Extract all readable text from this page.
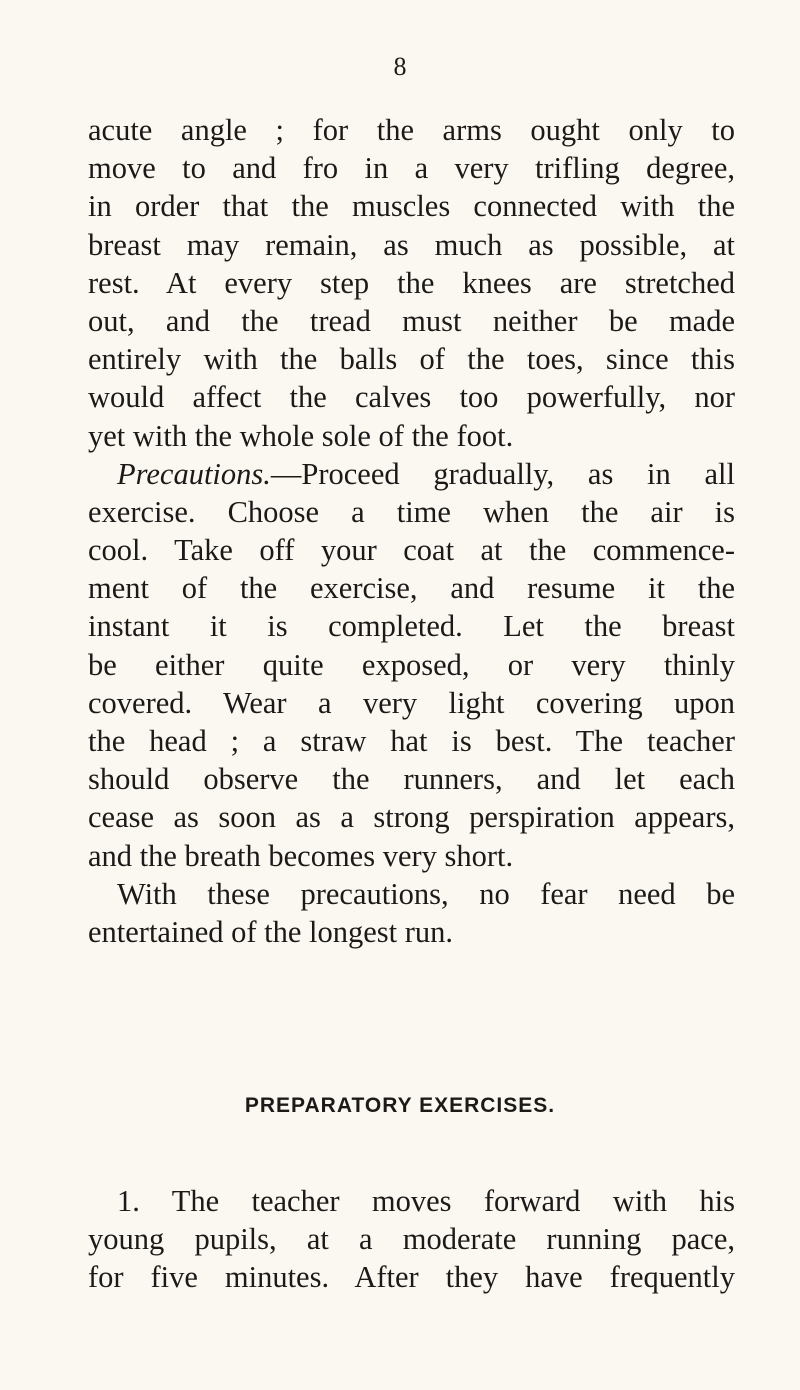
8
acute angle ; for the arms ought only to
move to and fro in a very trifling degree,
in order that the muscles connected with the
breast may remain, as much as possible, at
rest. At every step the knees are stretched
out, and the tread must neither be made
entirely with the balls of the toes, since this
would affect the calves too powerfully, nor
yet with the whole sole of the foot.
Precautions.—Proceed gradually, as in all
exercise. Choose a time when the air is
cool. Take off your coat at the commence-
ment of the exercise, and resume it the
instant it is completed. Let the breast
be either quite exposed, or very thinly
covered. Wear a very light covering upon
the head ; a straw hat is best. The teacher
should observe the runners, and let each
cease as soon as a strong perspiration appears,
and the breath becomes very short.
With these precautions, no fear need be
entertained of the longest run.
PREPARATORY EXERCISES.
1. The teacher moves forward with his
young pupils, at a moderate running pace,
for five minutes. After they have frequently
